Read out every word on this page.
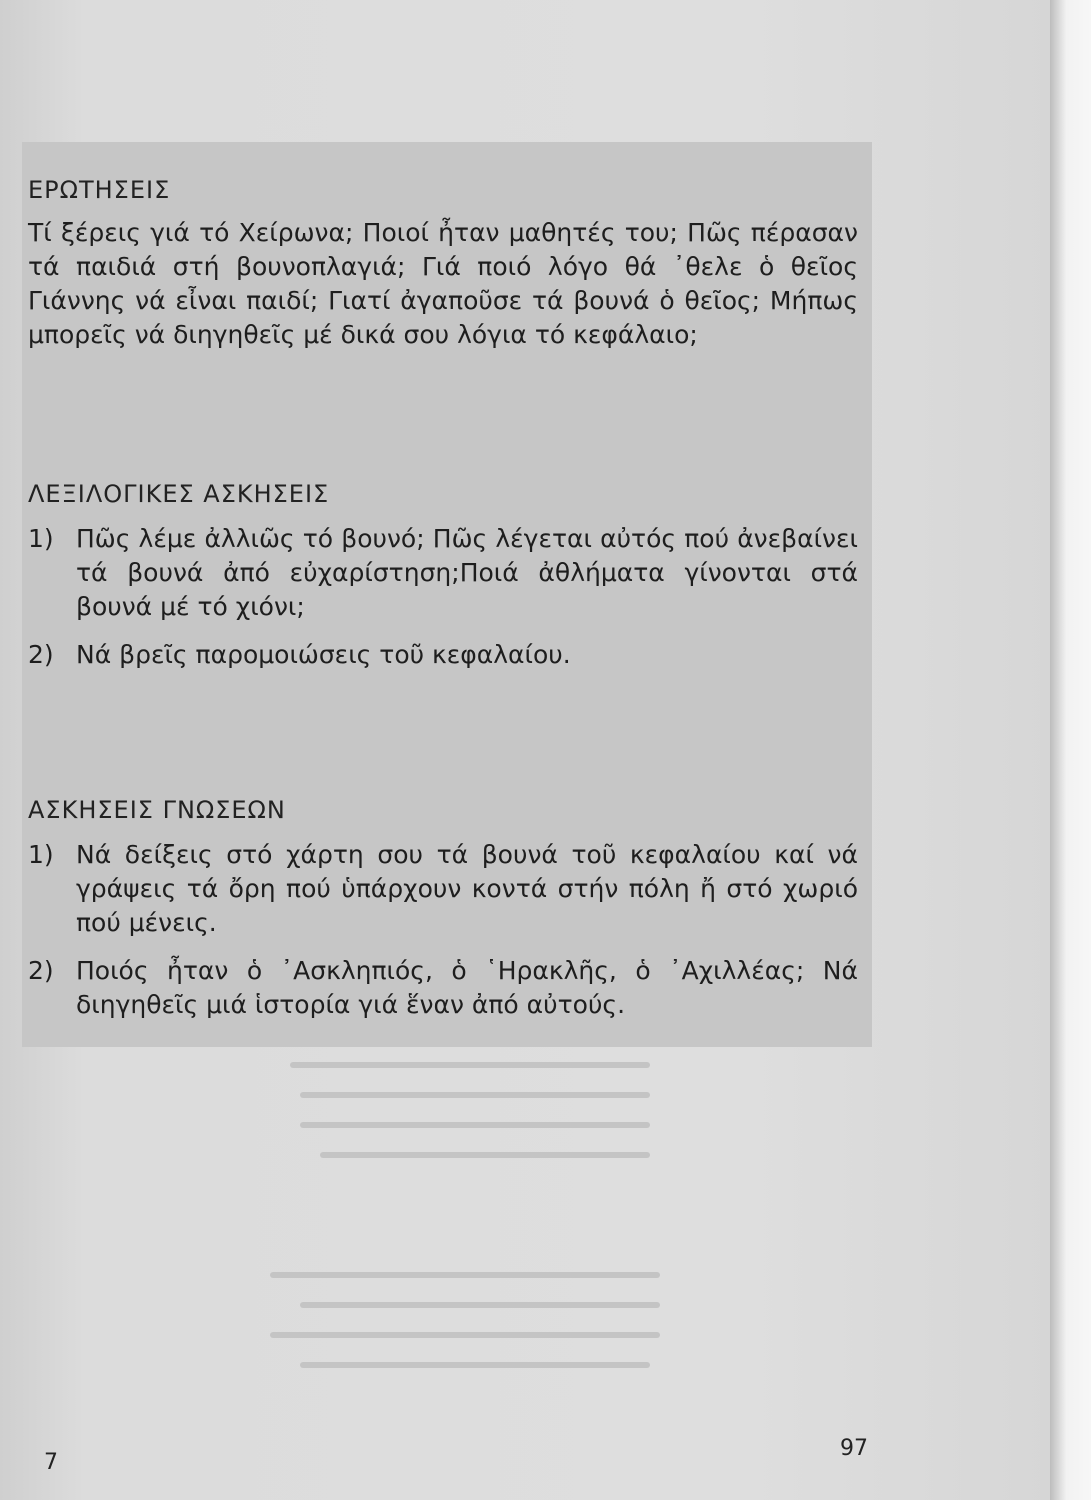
ΕΡΩΤΗΣΕΙΣ

Τί ξέρεις γιά τό Χείρωνα; Ποιοί ἦταν μαθητές του; Πῶς πέρασαν τά παιδιά στή βουνοπλαγιά; Γιά ποιό λόγο θά ᾽θελε ὁ θεῖος Γιάννης νά εἶναι παιδί; Γιατί ἀγαποῦσε τά βουνά ὁ θεῖος; Μήπως μπορεῖς νά διηγηθεῖς μέ δικά σου λόγια τό κεφάλαιο;

ΛΕΞΙΛΟΓΙΚΕΣ ΑΣΚΗΣΕΙΣ
1) Πῶς λέμε ἀλλιῶς τό βουνό; Πῶς λέγεται αὐτός πού ἀνεβαίνει τά βουνά ἀπό εὐχαρίστηση;Ποιά ἀθλήματα γίνονται στά βουνά μέ τό χιόνι;
2) Νά βρεῖς παρομοιώσεις τοῦ κεφαλαίου.
ΑΣΚΗΣΕΙΣ ΓΝΩΣΕΩΝ
1) Νά δείξεις στό χάρτη σου τά βουνά τοῦ κεφαλαίου καί νά γράψεις τά ὄρη πού ὑπάρχουν κοντά στήν πόλη ἤ στό χωριό πού μένεις.
2) Ποιός ἦταν ὁ ᾽Ασκληπιός, ὁ ῾Ηρακλῆς, ὁ ᾽Αχιλλέας; Νά διηγηθεῖς μιά ἱστορία γιά ἕναν ἀπό αὐτούς.
7
97
